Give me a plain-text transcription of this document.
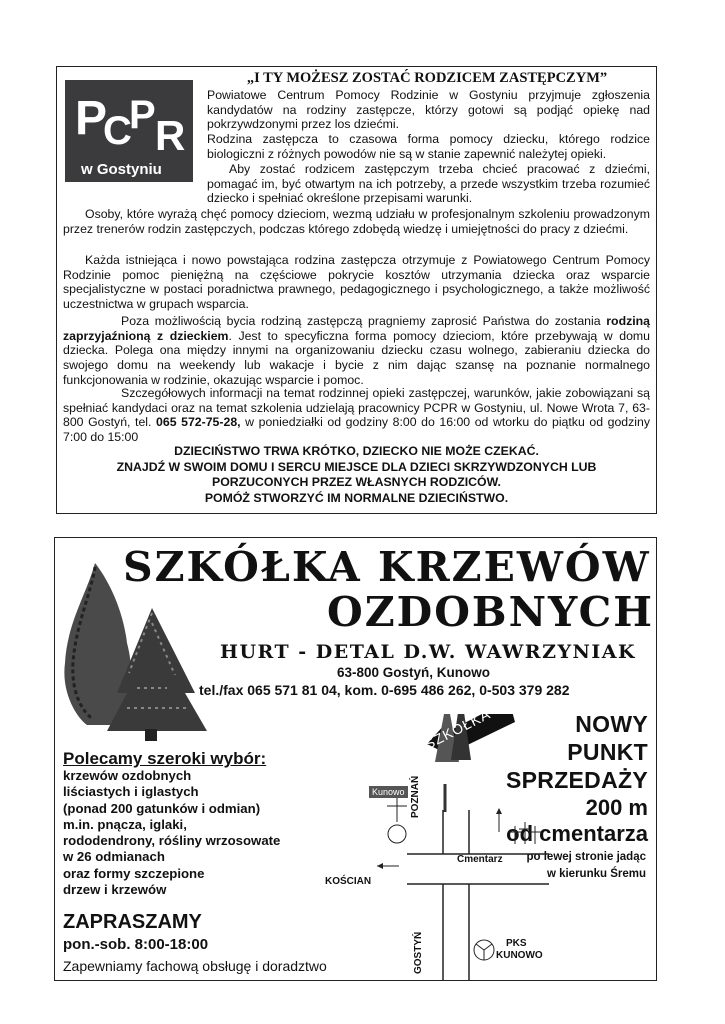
P
C
P R
w Gostyniu
„I TY MOŻESZ ZOSTAĆ RODZICEM ZASTĘPCZYM”

Powiatowe Centrum Pomocy Rodzinie w Gostyniu przyjmuje zgłoszenia kandydatów na rodziny zastępcze, którzy gotowi są podjąć opiekę nad pokrzywdzonymi przez los dziećmi.

Rodzina zastępcza to czasowa forma pomocy dziecku, którego rodzice biologiczni z różnych powodów nie są w stanie zapewnić należytej opieki.

Aby zostać rodzicem zastępczym trzeba chcieć pracować z dziećmi, pomagać im, być otwartym na ich potrzeby, a przede wszystkim trzeba rozumieć dziecko i spełniać określone przepisami warunki.

Osoby, które wyrażą chęć pomocy dzieciom, wezmą udziału w profesjonalnym szkoleniu prowadzonym przez trenerów rodzin zastępczych, podczas którego zdobędą wiedzę i umiejętności do pracy z dziećmi.

Każda istniejąca i nowo powstająca rodzina zastępcza otrzymuje z Powiatowego Centrum Pomocy Rodzinie pomoc pieniężną na częściowe pokrycie kosztów utrzymania dziecka oraz wsparcie specjalistyczne w postaci poradnictwa prawnego, pedagogicznego i psychologicznego, a także możliwość uczestnictwa w grupach wsparcia.

Poza możliwością bycia rodziną zastępczą pragniemy zaprosić Państwa do zostania rodziną zaprzyjaźnioną z dzieckiem. Jest to specyficzna forma pomocy dzieciom, które przebywają w domu dziecka. Polega ona między innymi na organizowaniu dziecku czasu wolnego, zabieraniu dziecka do swojego domu na weekendy lub wakacje i bycie z nim dając szansę na poznanie normalnego funkcjonowania w rodzinie, okazując wsparcie i pomoc.

Szczegółowych informacji na temat rodzinnej opieki zastępczej, warunków, jakie zobowiązani są spełniać kandydaci oraz na temat szkolenia udzielają pracownicy PCPR w Gostyniu, ul. Nowe Wrota 7, 63-800 Gostyń, tel. 065 572-75-28, w poniedziałki od godziny 8:00 do 16:00 od wtorku do piątku od godziny 7:00 do 15:00

DZIECIŃSTWO TRWA KRÓTKO, DZIECKO NIE MOŻE CZEKAĆ.
ZNAJDŹ W SWOIM DOMU I SERCU MIEJSCE DLA DZIECI SKRZYWDZONYCH LUB
PORZUCONYCH PRZEZ WŁASNYCH RODZICÓW.
POMÓŻ STWORZYĆ IM NORMALNE DZIECIŃSTWO.
SZKÓŁKA KRZEWÓW
OZDOBNYCH
HURT - DETAL D.W. WAWRZYNIAK
63-800 Gostyń, Kunowo
tel./fax 065 571 81 04, kom. 0-695 486 262, 0-503 379 282
Polecamy szeroki wybór:
krzewów ozdobnych
liściastych i iglastych
(ponad 200 gatunków i odmian)
m.in. pnącza, iglaki,
rododendrony, róśliny wrzosowate
w 26 odmianach
oraz formy szczepione
drzew i krzewów
ZAPRASZAMY
pon.-sob. 8:00-18:00
Zapewniamy fachową obsługę i doradztwo
NOWY
PUNKT
SPRZEDAŻY
200 m
od cmentarza
po lewej stronie jadąc
w kierunku Śremu
SZKÓŁKA
Kunowo POZNAŃ
Cmentarz
KOŚCIAN
GOSTYŃ	PKS
KUNOWO
